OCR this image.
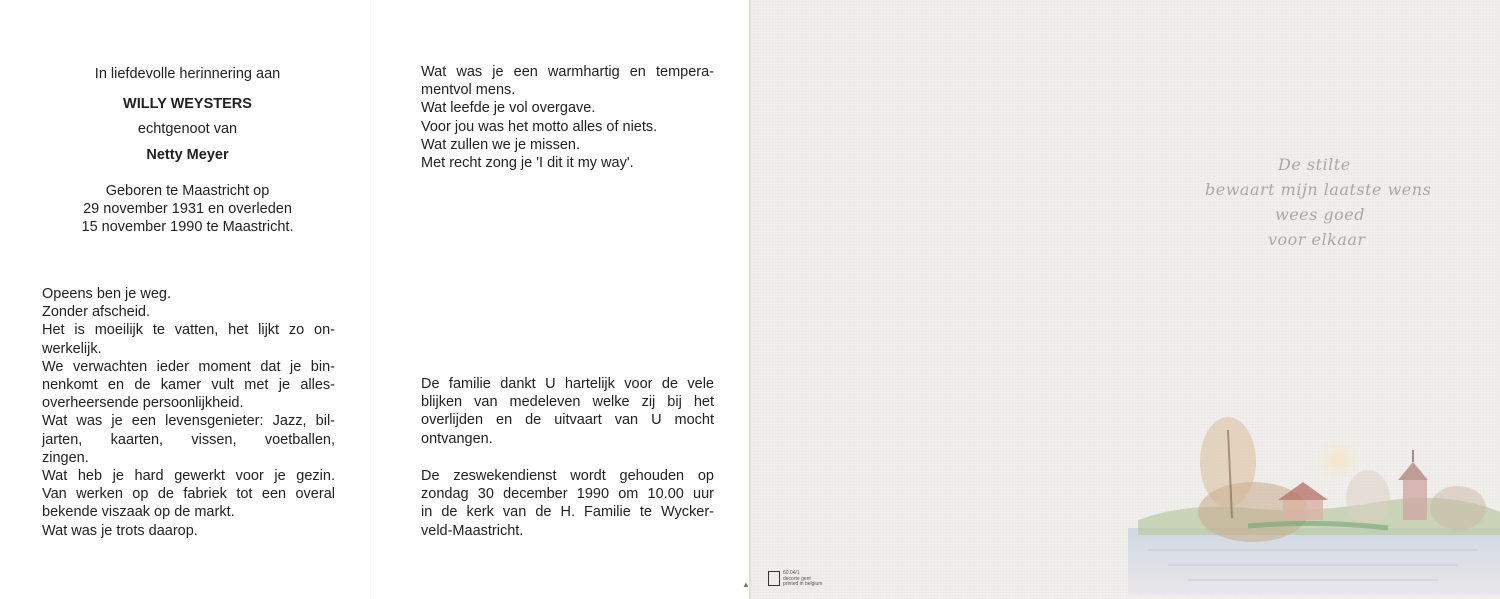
In liefdevolle herinnering aan
WILLY WEYSTERS
echtgenoot van
Netty Meyer
Geboren te Maastricht op
29 november 1931 en overleden
15 november 1990 te Maastricht.
Opeens ben je weg.
Zonder afscheid.
Het is moeilijk te vatten, het lijkt zo on-
werkelijk.
We verwachten ieder moment dat je bin-
nenkomt en de kamer vult met je alles-
overheersende persoonlijkheid.
Wat was je een levensgenieter: Jazz, bil-
jarten, kaarten, vissen, voetballen,
zingen.
Wat heb je hard gewerkt voor je gezin.
Van werken op de fabriek tot een overal
bekende viszaak op de markt.
Wat was je trots daarop.
Wat was je een warmhartig en tempera-
mentvol mens.
Wat leefde je vol overgave.
Voor jou was het motto alles of niets.
Wat zullen we je missen.
Met recht zong je 'I dit it my way'.
De familie dankt U hartelijk voor de vele
blijken van medeleven welke zij bij het
overlijden en de uitvaart van U mocht
ontvangen.
De zeswekendienst wordt gehouden op
zondag 30 december 1990 om 10.00 uur
in de kerk van de H. Familie te Wycker-
veld-Maastricht.
▲
De stilte
bewaart mijn laatste wens
wees goed
voor elkaar
60.04/1
decorte gent
printed in belgium
